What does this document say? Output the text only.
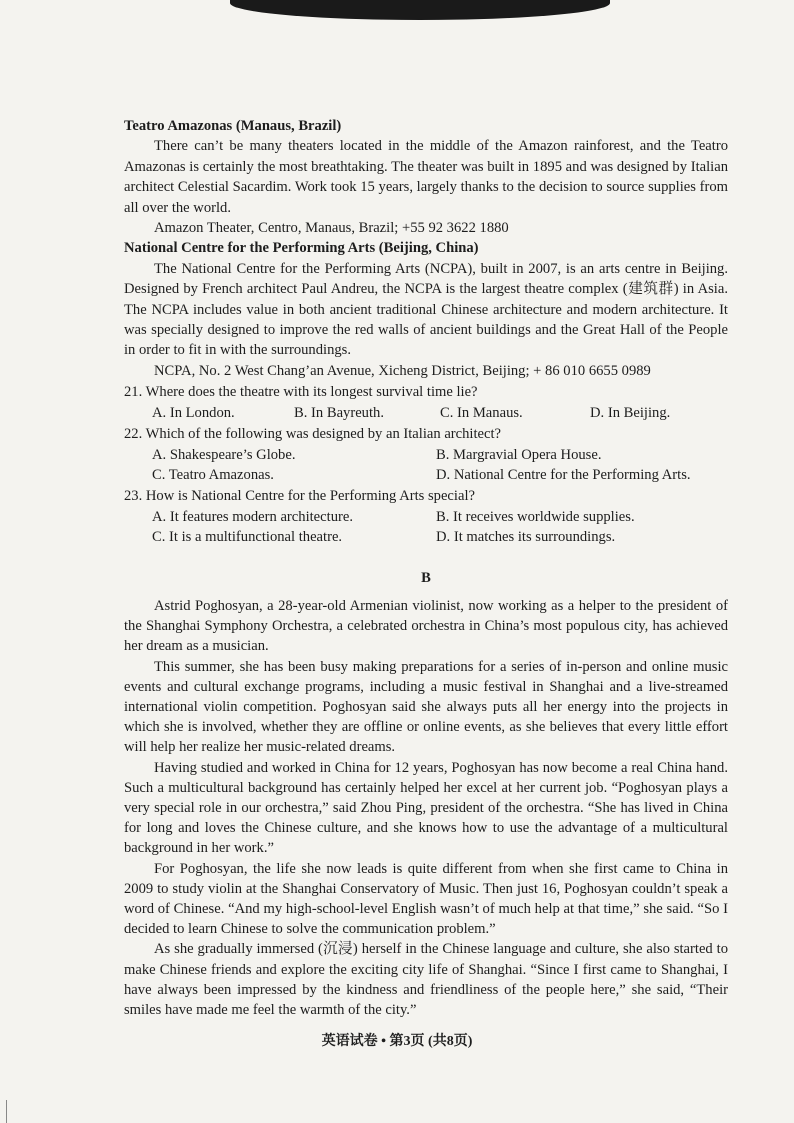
Teatro Amazonas (Manaus, Brazil)

There can’t be many theaters located in the middle of the Amazon rainforest, and the Teatro Amazonas is certainly the most breathtaking. The theater was built in 1895 and was designed by Italian architect Celestial Sacardim. Work took 15 years, largely thanks to the decision to source supplies from all over the world.

Amazon Theater, Centro, Manaus, Brazil; +55 92 3622 1880

National Centre for the Performing Arts (Beijing, China)

The National Centre for the Performing Arts (NCPA), built in 2007, is an arts centre in Beijing. Designed by French architect Paul Andreu, the NCPA is the largest theatre complex (建筑群) in Asia. The NCPA includes value in both ancient traditional Chinese architecture and modern architecture. It was specially designed to improve the red walls of ancient buildings and the Great Hall of the People in order to fit in with the surroundings.

NCPA, No. 2 West Chang’an Avenue, Xicheng District, Beijing; + 86 010 6655 0989

21. Where does the theatre with its longest survival time lie?

A. In London.	B. In Bayreuth.	C. In Manaus.	D. In Beijing.

22. Which of the following was designed by an Italian architect?

A. Shakespeare’s Globe.	B. Margravial Opera House.
C. Teatro Amazonas.	D. National Centre for the Performing Arts.

23. How is National Centre for the Performing Arts special?

A. It features modern architecture.	B. It receives worldwide supplies.
C. It is a multifunctional theatre.	D. It matches its surroundings.

B

Astrid Poghosyan, a 28-year-old Armenian violinist, now working as a helper to the president of the Shanghai Symphony Orchestra, a celebrated orchestra in China’s most populous city, has achieved her dream as a musician.

This summer, she has been busy making preparations for a series of in-person and online music events and cultural exchange programs, including a music festival in Shanghai and a live-streamed international violin competition. Poghosyan said she always puts all her energy into the projects in which she is involved, whether they are offline or online events, as she believes that every little effort will help her realize her music-related dreams.

Having studied and worked in China for 12 years, Poghosyan has now become a real China hand. Such a multicultural background has certainly helped her excel at her current job. “Poghosyan plays a very special role in our orchestra,” said Zhou Ping, president of the orchestra. “She has lived in China for long and loves the Chinese culture, and she knows how to use the advantage of a multicultural background in her work.”

For Poghosyan, the life she now leads is quite different from when she first came to China in 2009 to study violin at the Shanghai Conservatory of Music. Then just 16, Poghosyan couldn’t speak a word of Chinese. “And my high-school-level English wasn’t of much help at that time,” she said. “So I decided to learn Chinese to solve the communication problem.”

As she gradually immersed (沉浸) herself in the Chinese language and culture, she also started to make Chinese friends and explore the exciting city life of Shanghai. “Since I first came to Shanghai, I have always been impressed by the kindness and friendliness of the people here,” she said, “Their smiles have made me feel the warmth of the city.”

英语试卷 • 第3页 (共8页)
